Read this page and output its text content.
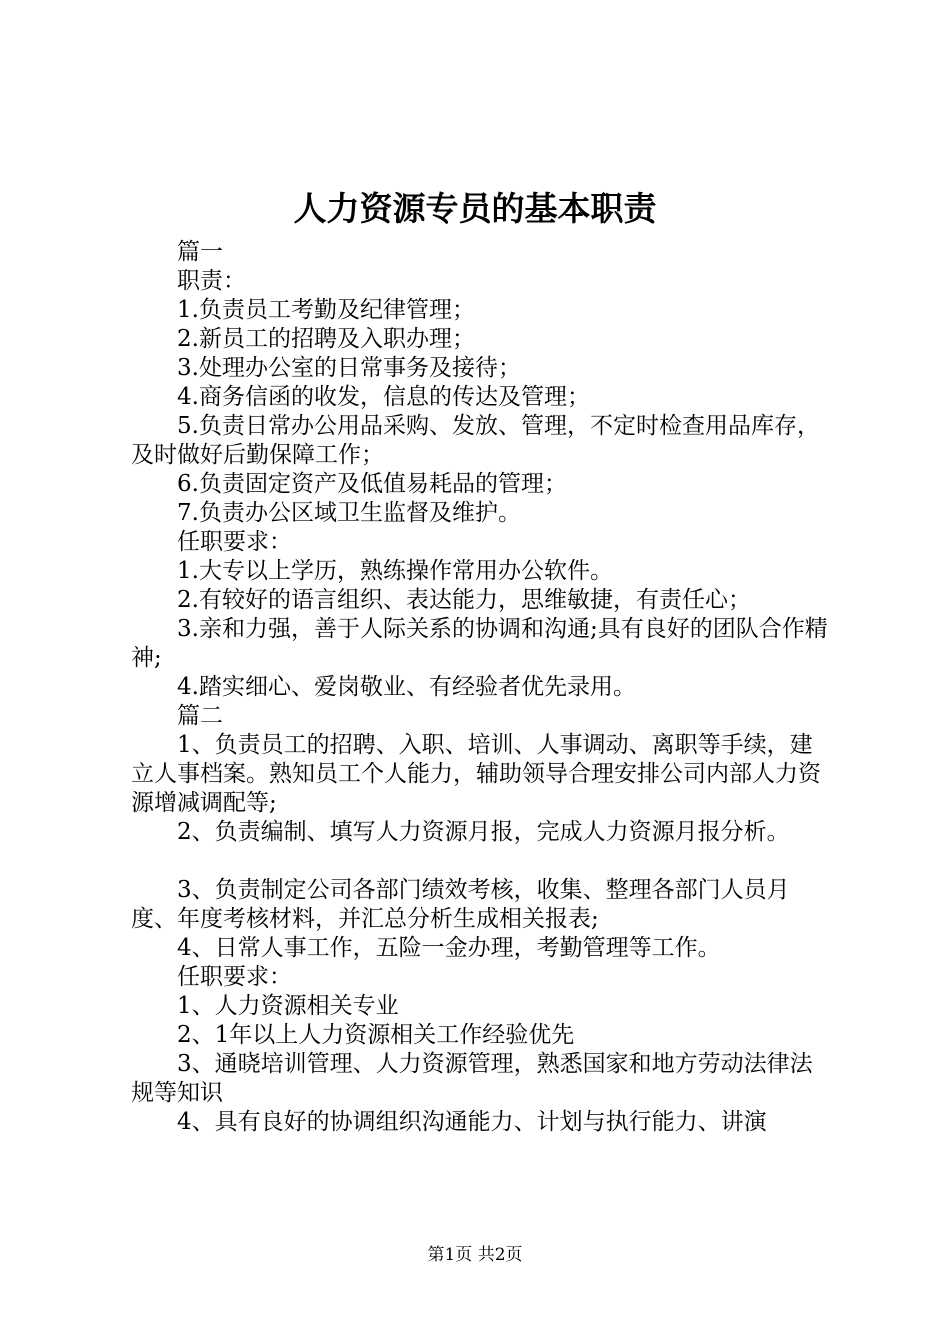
人力资源专员的基本职责

篇一

职责：

1.负责员工考勤及纪律管理；

2.新员工的招聘及入职办理；

3.处理办公室的日常事务及接待；

4.商务信函的收发，信息的传达及管理；

5.负责日常办公用品采购、发放、管理，不定时检查用品库存，及时做好后勤保障工作；

6.负责固定资产及低值易耗品的管理；

7.负责办公区域卫生监督及维护。

任职要求：

1.大专以上学历，熟练操作常用办公软件。

2.有较好的语言组织、表达能力，思维敏捷，有责任心；

3.亲和力强，善于人际关系的协调和沟通;具有良好的团队合作精神;

4.踏实细心、爱岗敬业、有经验者优先录用。

篇二

1、负责员工的招聘、入职、培训、人事调动、离职等手续，建立人事档案。熟知员工个人能力，辅助领导合理安排公司内部人力资源增减调配等;

2、负责编制、填写人力资源月报，完成人力资源月报分析。

3、负责制定公司各部门绩效考核，收集、整理各部门人员月度、年度考核材料，并汇总分析生成相关报表;

4、日常人事工作，五险一金办理，考勤管理等工作。

任职要求：

1、人力资源相关专业

2、1年以上人力资源相关工作经验优先

3、通晓培训管理、人力资源管理，熟悉国家和地方劳动法律法规等知识

4、具有良好的协调组织沟通能力、计划与执行能力、讲演

第1页 共2页
